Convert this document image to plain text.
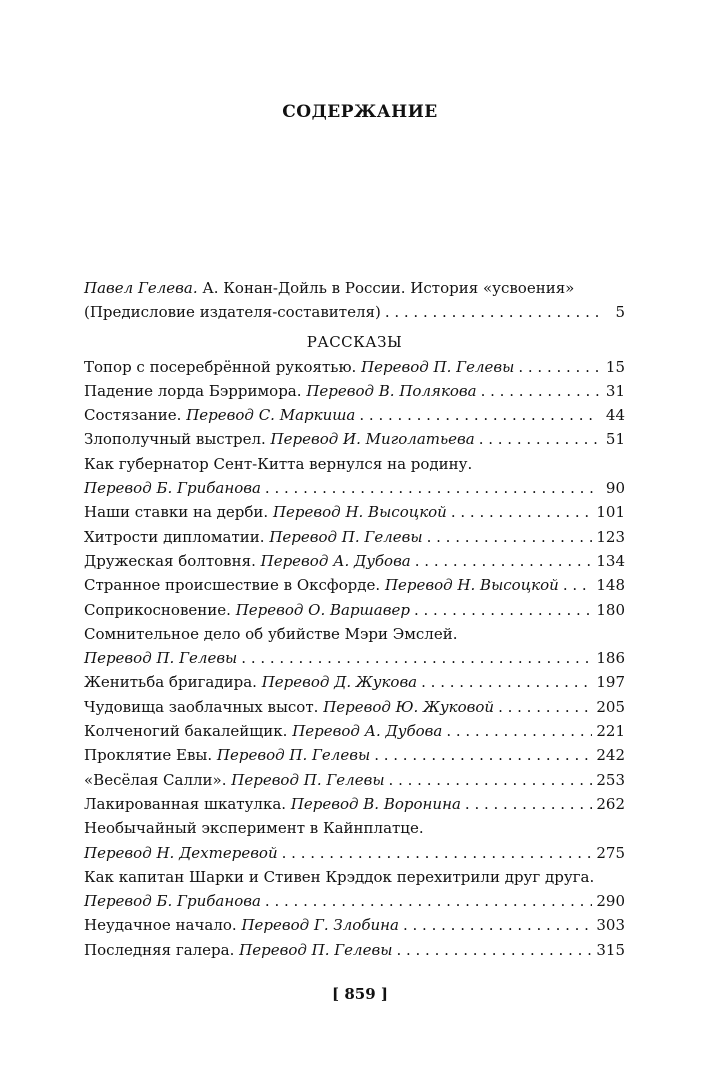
СОДЕРЖАНИЕ
Павел Гелева. А. Конан-Дойль в России. История «усвоения»
(Предисловие издателя-составителя) . . .	5
РАССКАЗЫ
Топор с посеребрённой рукоятью. Перевод П. Гелевы . . .	15
Падение лорда Бэрримора. Перевод В. Полякова . . .	31
Состязание. Перевод С. Маркиша . . .	44
Злополучный выстрел. Перевод И. Миголатьева . . .	51
Как губернатор Сент-Китта вернулся на родину.
Перевод Б. Грибанова . . .	90
Наши ставки на дерби. Перевод Н. Высоцкой . . .	101
Хитрости дипломатии. Перевод П. Гелевы . . .	123
Дружеская болтовня. Перевод А. Дубова . . .	134
Странное происшествие в Оксфорде. Перевод Н. Высоцкой . . .	148
Соприкосновение. Перевод О. Варшавер . . .	180
Сомнительное дело об убийстве Мэри Эмслей.
Перевод П. Гелевы . . .	186
Женитьба бригадира. Перевод Д. Жукова . . .	197
Чудовища заоблачных высот. Перевод Ю. Жуковой . . .	205
Колченогий бакалейщик. Перевод А. Дубова . . .	221
Проклятие Евы. Перевод П. Гелевы . . .	242
«Весёлая Салли». Перевод П. Гелевы . . .	253
Лакированная шкатулка. Перевод В. Воронина . . .	262
Необычайный эксперимент в Кайнплатце.
Перевод Н. Дехтеревой . . .	275
Как капитан Шарки и Стивен Крэддок перехитрили друг друга.
Перевод Б. Грибанова . . .	290
Неудачное начало. Перевод Г. Злобина . . .	303
Последняя галера. Перевод П. Гелевы . . .	315
[ 859 ]
